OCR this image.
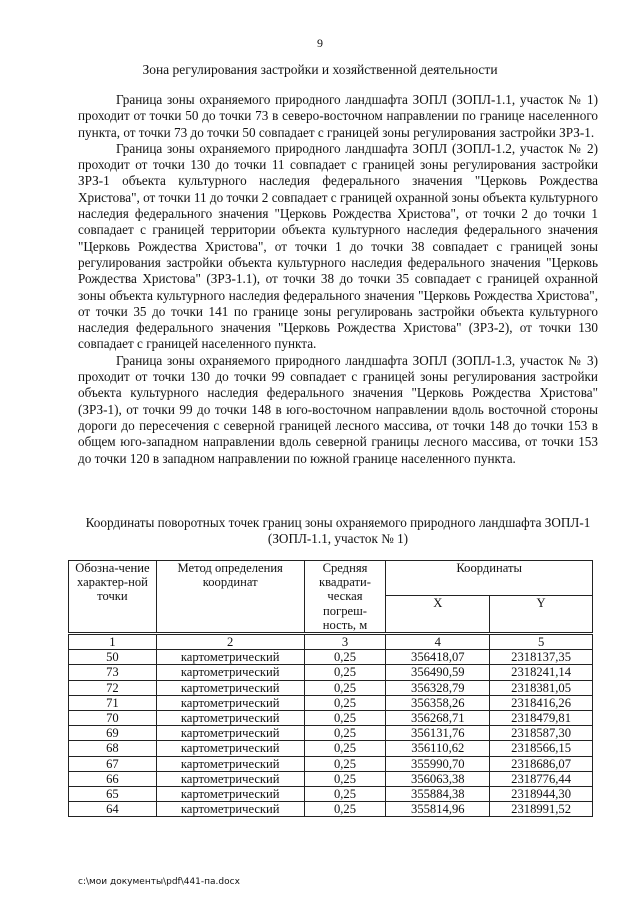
9
Зона регулирования застройки и хозяйственной деятельности

Граница зоны охраняемого природного ландшафта ЗОПЛ (ЗОПЛ-1.1, участок № 1) проходит от точки 50 до точки 73 в северо-восточном направлении по границе населенного пункта, от точки 73 до точки 50 совпадает с границей зоны регулирования застройки ЗРЗ-1.

Граница зоны охраняемого природного ландшафта ЗОПЛ (ЗОПЛ-1.2, участок № 2) проходит от точки 130 до точки 11 совпадает с границей зоны регулирования застройки ЗРЗ-1 объекта культурного наследия федерального значения "Церковь Рождества Христова", от точки 11 до точки 2 совпадает с границей охранной зоны объекта культурного наследия федерального значения "Церковь Рождества Христова", от точки 2 до точки 1 совпадает с границей территории объекта культурного наследия федерального значения "Церковь Рождества Христова", от точки 1 до точки 38 совпадает с границей зоны регулирования застройки объекта культурного наследия федерального значения "Церковь Рождества Христова" (ЗРЗ-1.1), от точки 38 до точки 35 совпадает с границей охранной зоны объекта культурного наследия федерального значения "Церковь Рождества Христова", от точки 35 до точки 141 по границе зоны регулировань застройки объекта культурного наследия федерального значения "Церковь Рождества Христова" (ЗРЗ-2), от точки 130 совпадает с границей населенного пункта.

Граница зоны охраняемого природного ландшафта ЗОПЛ (ЗОПЛ-1.3, участок № 3) проходит от точки 130 до точки 99 совпадает с границей зоны регулирования застройки объекта культурного наследия федерального значения "Церковь Рождества Христова" (ЗРЗ-1), от точки 99 до точки 148 в юго-восточном направлении вдоль восточной стороны дороги до пересечения с северной границей лесного массива, от точки 148 до точки 153 в общем юго-западном направлении вдоль северной границы лесного массива, от точки 153 до точки 120 в западном направлении по южной границе населенного пункта.

Координаты поворотных точек границ зоны охраняемого природного ландшафта ЗОПЛ-1 (ЗОПЛ-1.1, участок № 1)
Обозна-чение характер-ной точки	Метод определения координат	Средняя квадрати-ческая погреш-ность, м	Координаты	
			X	Y
1	2	3	4	5
50	картометрический	0,25	356418,07	2318137,35
73	картометрический	0,25	356490,59	2318241,14
72	картометрический	0,25	356328,79	2318381,05
71	картометрический	0,25	356358,26	2318416,26
70	картометрический	0,25	356268,71	2318479,81
69	картометрический	0,25	356131,76	2318587,30
68	картометрический	0,25	356110,62	2318566,15
67	картометрический	0,25	355990,70	2318686,07
66	картометрический	0,25	356063,38	2318776,44
65	картометрический	0,25	355884,38	2318944,30
64	картометрический	0,25	355814,96	2318991,52
c:\мои документы\pdf\441-па.docx
